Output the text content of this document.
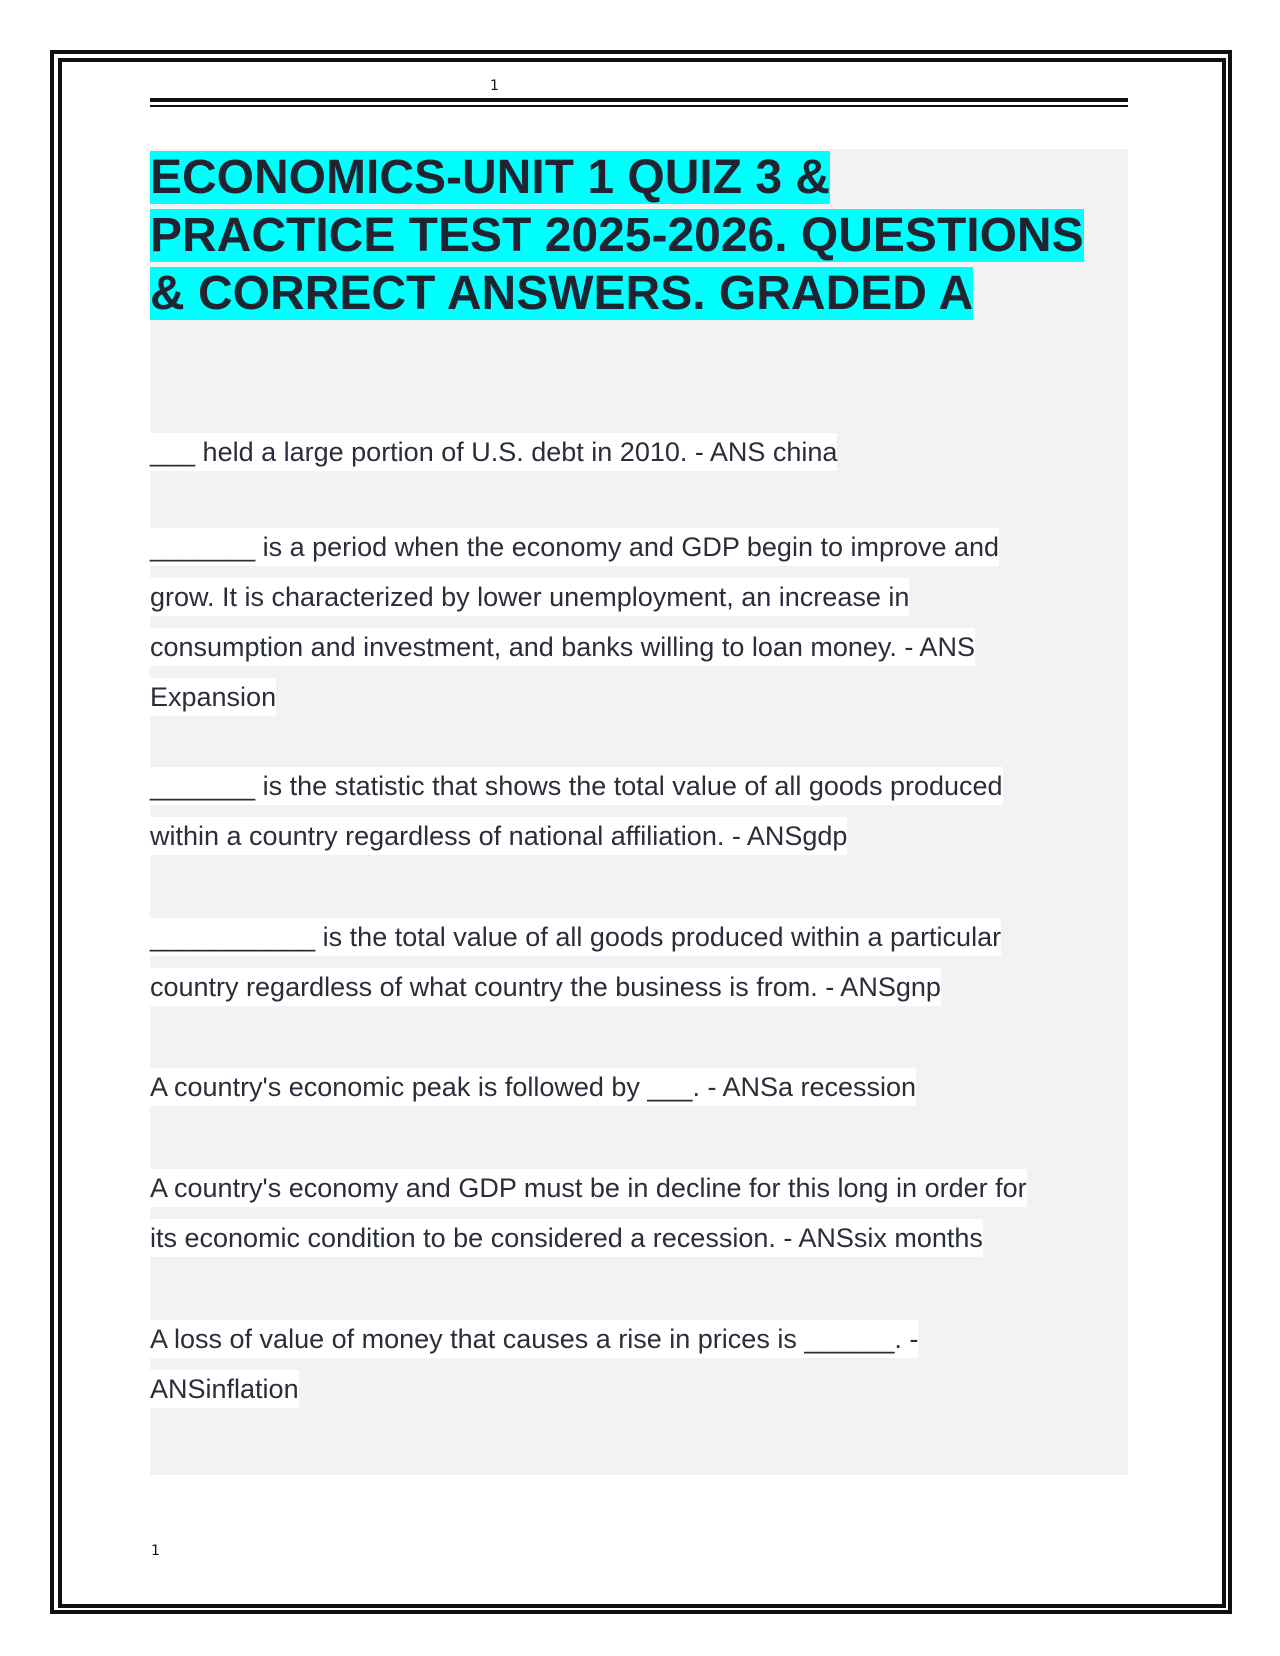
1
ECONOMICS-UNIT 1 QUIZ 3 &
PRACTICE TEST 2025-2026. QUESTIONS
& CORRECT ANSWERS. GRADED A

___ held a large portion of U.S. debt in 2010. - ANS china

_______ is a period when the economy and GDP begin to improve and
grow. It is characterized by lower unemployment, an increase in
consumption and investment, and banks willing to loan money. - ANS
Expansion

_______ is the statistic that shows the total value of all goods produced
within a country regardless of national affiliation. - ANSgdp

___________ is the total value of all goods produced within a particular
country regardless of what country the business is from. - ANSgnp

A country's economic peak is followed by ___. - ANSa recession

A country's economy and GDP must be in decline for this long in order for
its economic condition to be considered a recession. - ANSsix months

A loss of value of money that causes a rise in prices is ______. -
ANSinflation

1
